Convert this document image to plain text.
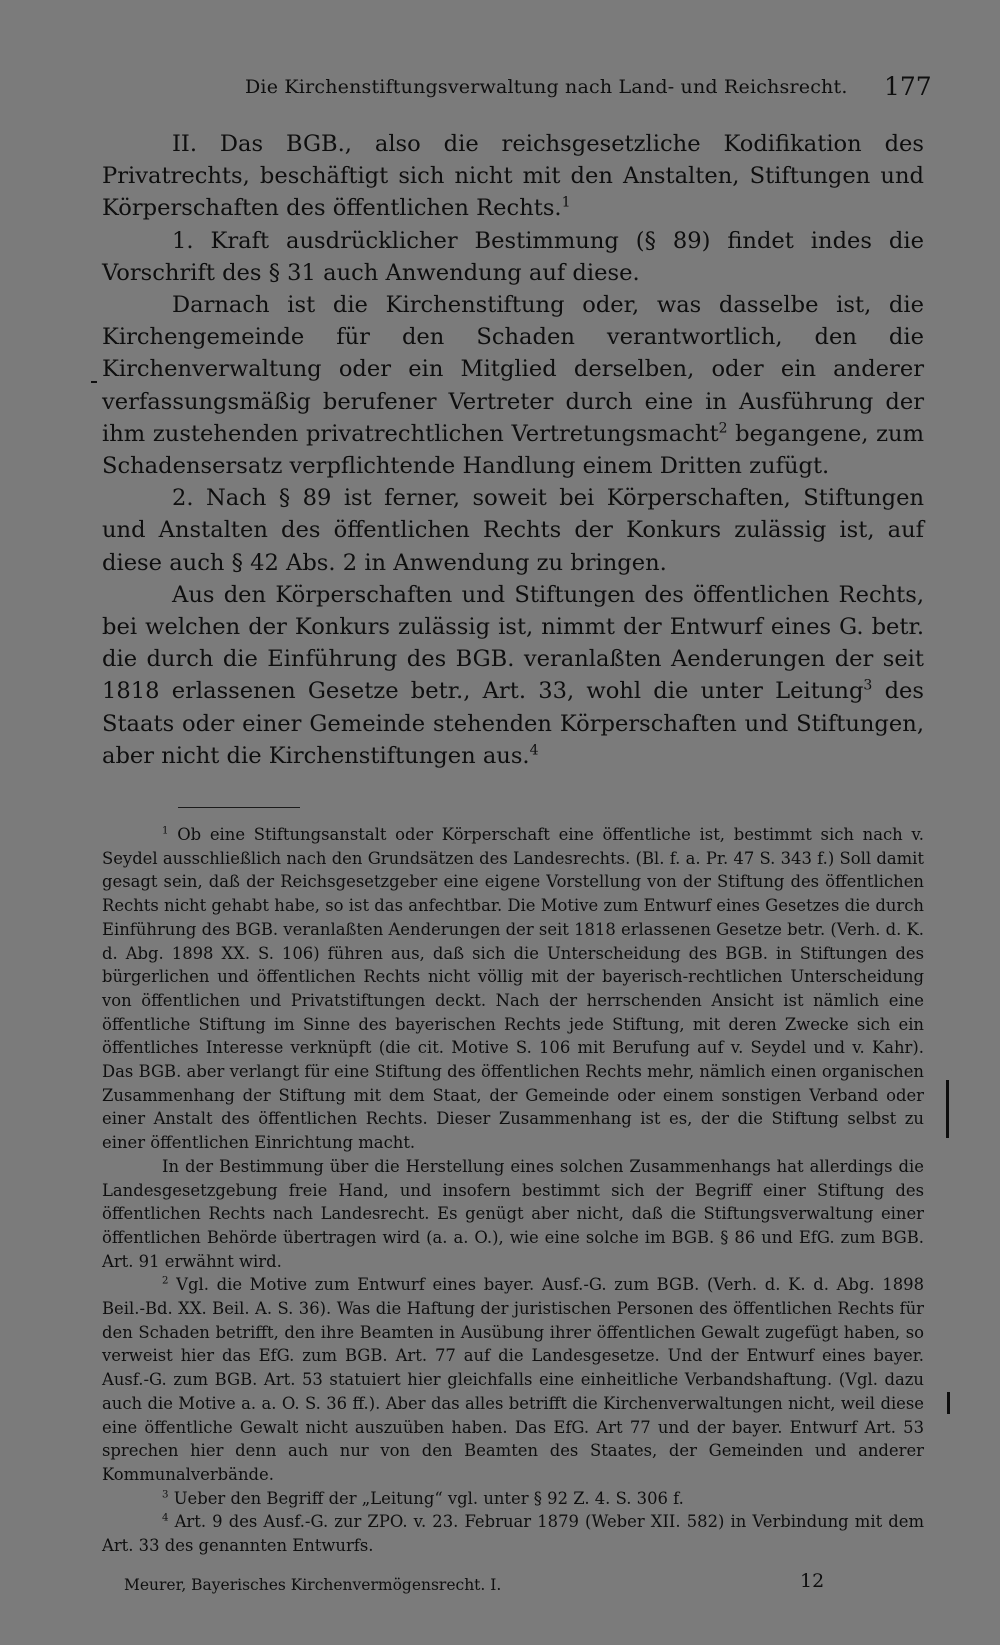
Die Kirchenstiftungsverwaltung nach Land- und Reichsrecht. 177

II. Das BGB., also die reichsgesetzliche Kodifikation des Privatrechts, beschäftigt sich nicht mit den Anstalten, Stiftungen und Körperschaften des öffentlichen Rechts.$^1$

1. Kraft ausdrücklicher Bestimmung (§ 89) findet indes die Vorschrift des § 31 auch Anwendung auf diese.

Darnach ist die Kirchenstiftung oder, was dasselbe ist, die Kirchengemeinde für den Schaden verantwortlich, den die Kirchenverwaltung oder ein Mitglied derselben, oder ein anderer verfassungsmäßig berufener Vertreter durch eine in Ausführung der ihm zustehenden privatrechtlichen Vertretungsmacht$^2$ begangene, zum Schadensersatz verpflichtende Handlung einem Dritten zufügt.

2. Nach § 89 ist ferner, soweit bei Körperschaften, Stiftungen und Anstalten des öffentlichen Rechts der Konkurs zulässig ist, auf diese auch § 42 Abs. 2 in Anwendung zu bringen.

Aus den Körperschaften und Stiftungen des öffentlichen Rechts, bei welchen der Konkurs zulässig ist, nimmt der Entwurf eines G. betr. die durch die Einführung des BGB. veranlaßten Aenderungen der seit 1818 erlassenen Gesetze betr., Art. 33, wohl die unter Leitung$^3$ des Staats oder einer Gemeinde stehenden Körperschaften und Stiftungen, aber nicht die Kirchenstiftungen aus.$^4$

$^1$ Ob eine Stiftungsanstalt oder Körperschaft eine öffentliche ist, bestimmt sich nach v. Seydel ausschließlich nach den Grundsätzen des Landesrechts. (Bl. f. a. Pr. 47 S. 343 f.) Soll damit gesagt sein, daß der Reichsgesetzgeber eine eigene Vorstellung von der Stiftung des öffentlichen Rechts nicht gehabt habe, so ist das anfechtbar. Die Motive zum Entwurf eines Gesetzes die durch Einführung des BGB. veranlaßten Aenderungen der seit 1818 erlassenen Gesetze betr. (Verh. d. K. d. Abg. 1898 XX. S. 106) führen aus, daß sich die Unterscheidung des BGB. in Stiftungen des bürgerlichen und öffentlichen Rechts nicht völlig mit der bayerisch-rechtlichen Unterscheidung von öffentlichen und Privatstiftungen deckt. Nach der herrschenden Ansicht ist nämlich eine öffentliche Stiftung im Sinne des bayerischen Rechts jede Stiftung, mit deren Zwecke sich ein öffentliches Interesse verknüpft (die cit. Motive S. 106 mit Berufung auf v. Seydel und v. Kahr). Das BGB. aber verlangt für eine Stiftung des öffentlichen Rechts mehr, nämlich einen organischen Zusammenhang der Stiftung mit dem Staat, der Gemeinde oder einem sonstigen Verband oder einer Anstalt des öffentlichen Rechts. Dieser Zusammenhang ist es, der die Stiftung selbst zu einer öffentlichen Einrichtung macht.

In der Bestimmung über die Herstellung eines solchen Zusammenhangs hat allerdings die Landesgesetzgebung freie Hand, und insofern bestimmt sich der Begriff einer Stiftung des öffentlichen Rechts nach Landesrecht. Es genügt aber nicht, daß die Stiftungsverwaltung einer öffentlichen Behörde übertragen wird (a. a. O.), wie eine solche im BGB. § 86 und EfG. zum BGB. Art. 91 erwähnt wird.

$^2$ Vgl. die Motive zum Entwurf eines bayer. Ausf.-G. zum BGB. (Verh. d. K. d. Abg. 1898 Beil.-Bd. XX. Beil. A. S. 36). Was die Haftung der juristischen Personen des öffentlichen Rechts für den Schaden betrifft, den ihre Beamten in Ausübung ihrer öffentlichen Gewalt zugefügt haben, so verweist hier das EfG. zum BGB. Art. 77 auf die Landesgesetze. Und der Entwurf eines bayer. Ausf.-G. zum BGB. Art. 53 statuiert hier gleichfalls eine einheitliche Verbandshaftung. (Vgl. dazu auch die Motive a. a. O. S. 36 ff.). Aber das alles betrifft die Kirchenverwaltungen nicht, weil diese eine öffentliche Gewalt nicht auszuüben haben. Das EfG. Art 77 und der bayer. Entwurf Art. 53 sprechen hier denn auch nur von den Beamten des Staates, der Gemeinden und anderer Kommunalverbände.

$^3$ Ueber den Begriff der „Leitung“ vgl. unter § 92 Z. 4. S. 306 f.

$^4$ Art. 9 des Ausf.-G. zur ZPO. v. 23. Februar 1879 (Weber XII. 582) in Verbindung mit dem Art. 33 des genannten Entwurfs.

Meurer, Bayerisches Kirchenvermögensrecht. I.	12
